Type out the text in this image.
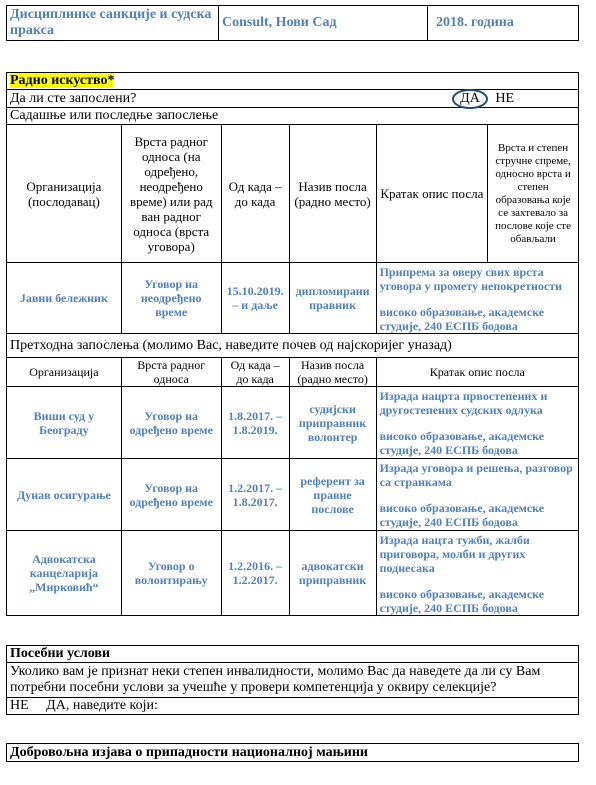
Дисциплинке санкције и судска пракса	Consult, Нови Сад	2018. година
Радно искуство*					
Да ли сте запослени? ДА НЕ					

Садашње или последње запослење					
Организација (послодавац)	Врста радног односа (на одређено, неодређено време) или рад ван радног односа (врста уговора)	Од када – до када	Назив посла (радно место)	Кратак опис посла	Врста и степен стручне спреме, односно врста и степен образовања које се захтевало за послове које сте обављали
Јавни бележник	Уговор на неодређено време	15.10.2019. – и даље	дипломирани правник	Припрема за оверу свих врста уговора у промету непокретности
високо образовање, академске студије, 240 ЕСПБ бодова	
Претходна запослења (молимо Вас, наведите почев од најскоријег уназад)					
Организација	Врста радног односа	Од када – до када	Назив посла (радно место)	Кратак опис посла	
Виши суд у Београду	Уговор на одређено време	1.8.2017. – 1.8.2019.	судијски приправник волонтер	Израда нацрта првостепених и другостепених судских одлука
високо образовање, академске студије, 240 ЕСПБ бодова	
Дунав осигурање	Уговор на одређено време	1.2.2017. – 1.8.2017.	референт за правне послове	Израда уговора и решења, разговор са странкама
високо образовање, академске студије, 240 ЕСПБ бодова	
Адвокатска канцеларија „Мирковић“	Уговор о волонтирању	1.2.2016. – 1.2.2017.	адвокатски приправник	Израда нацта тужби, жалби приговора, молби и других поднесака
високо образовање, академске студије, 240 ЕСПБ бодова	
Посебни услови
Уколико вам је признат неки степен инвалидности, молимо Вас да наведете да ли су Вам потребни посебни услови за учешће у провери компетенција у оквиру селекције?
НЕ     ДА, наведите који:
Добровољна изјава о припадности националној мањини
